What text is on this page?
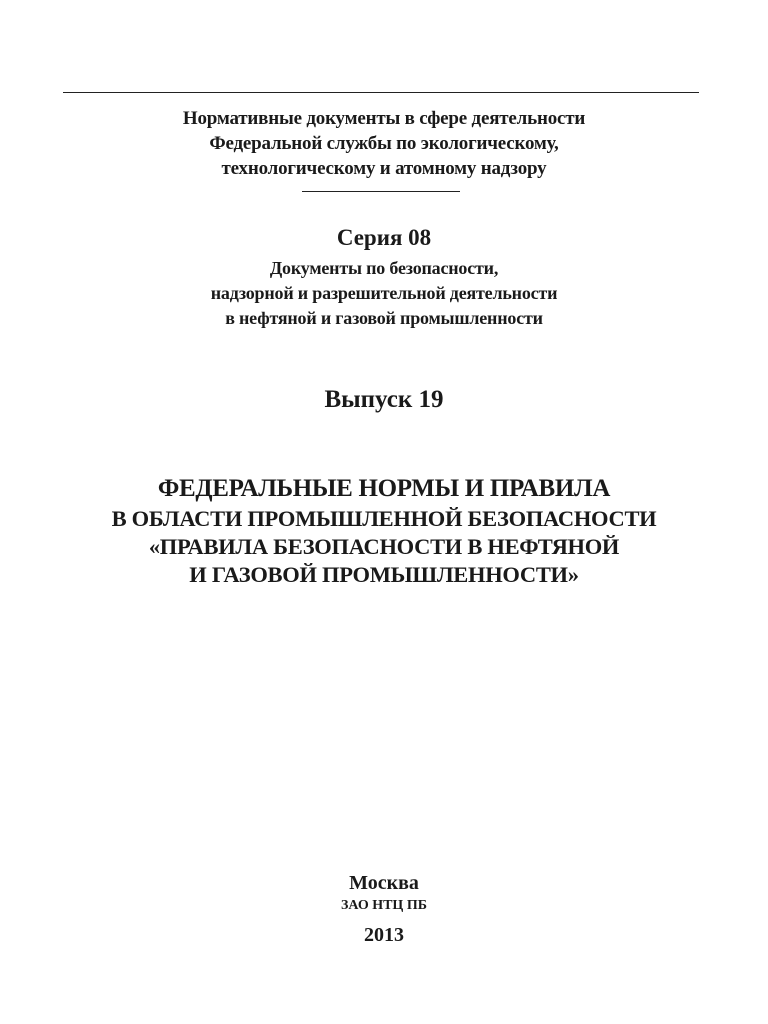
Нормативные документы в сфере деятельности
Федеральной службы по экологическому,
технологическому и атомному надзору
Серия 08
Документы по безопасности,
надзорной и разрешительной деятельности
в нефтяной и газовой промышленности
Выпуск 19
ФЕДЕРАЛЬНЫЕ НОРМЫ И ПРАВИЛА
В ОБЛАСТИ ПРОМЫШЛЕННОЙ БЕЗОПАСНОСТИ
«ПРАВИЛА БЕЗОПАСНОСТИ В НЕФТЯНОЙ
И ГАЗОВОЙ ПРОМЫШЛЕННОСТИ»
Москва
ЗАО НТЦ ПБ
2013
